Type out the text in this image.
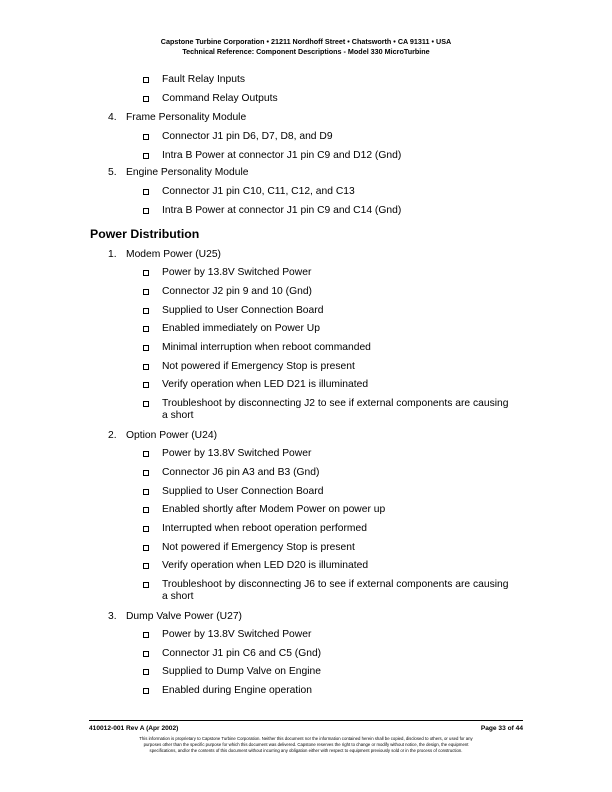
Capstone Turbine Corporation • 21211 Nordhoff Street • Chatsworth • CA 91311 • USA
Technical Reference: Component Descriptions - Model 330 MicroTurbine
Fault Relay Inputs
Command Relay Outputs
4. Frame Personality Module
Connector J1 pin D6, D7, D8, and D9
Intra B Power at connector J1 pin C9 and D12 (Gnd)
5. Engine Personality Module
Connector J1 pin C10, C11, C12, and C13
Intra B Power at connector J1 pin C9 and C14 (Gnd)
Power Distribution
1. Modem Power (U25)
Power by 13.8V Switched Power
Connector J2 pin 9 and 10 (Gnd)
Supplied to User Connection Board
Enabled immediately on Power Up
Minimal interruption when reboot commanded
Not powered if Emergency Stop is present
Verify operation when LED D21 is illuminated
Troubleshoot by disconnecting J2 to see if external components are causing
a short
2. Option Power (U24)
Power by 13.8V Switched Power
Connector J6 pin A3 and B3 (Gnd)
Supplied to User Connection Board
Enabled shortly after Modem Power on power up
Interrupted when reboot operation performed
Not powered if Emergency Stop is present
Verify operation when LED D20 is illuminated
Troubleshoot by disconnecting J6 to see if external components are causing
a short
3. Dump Valve Power (U27)
Power by 13.8V Switched Power
Connector J1 pin C6 and C5 (Gnd)
Supplied to Dump Valve on Engine
Enabled during Engine operation
410012-001 Rev A (Apr 2002)	Page 33 of 44
This information is proprietary to Capstone Turbine Corporation. Neither this document nor the information contained herein shall be copied, disclosed to others, or used for any
purposes other than the specific purpose for which this document was delivered. Capstone reserves the right to change or modify without notice, the design, the equipment
specifications, and/or the contents of this document without incurring any obligation either with respect to equipment previously sold or in the process of construction.
